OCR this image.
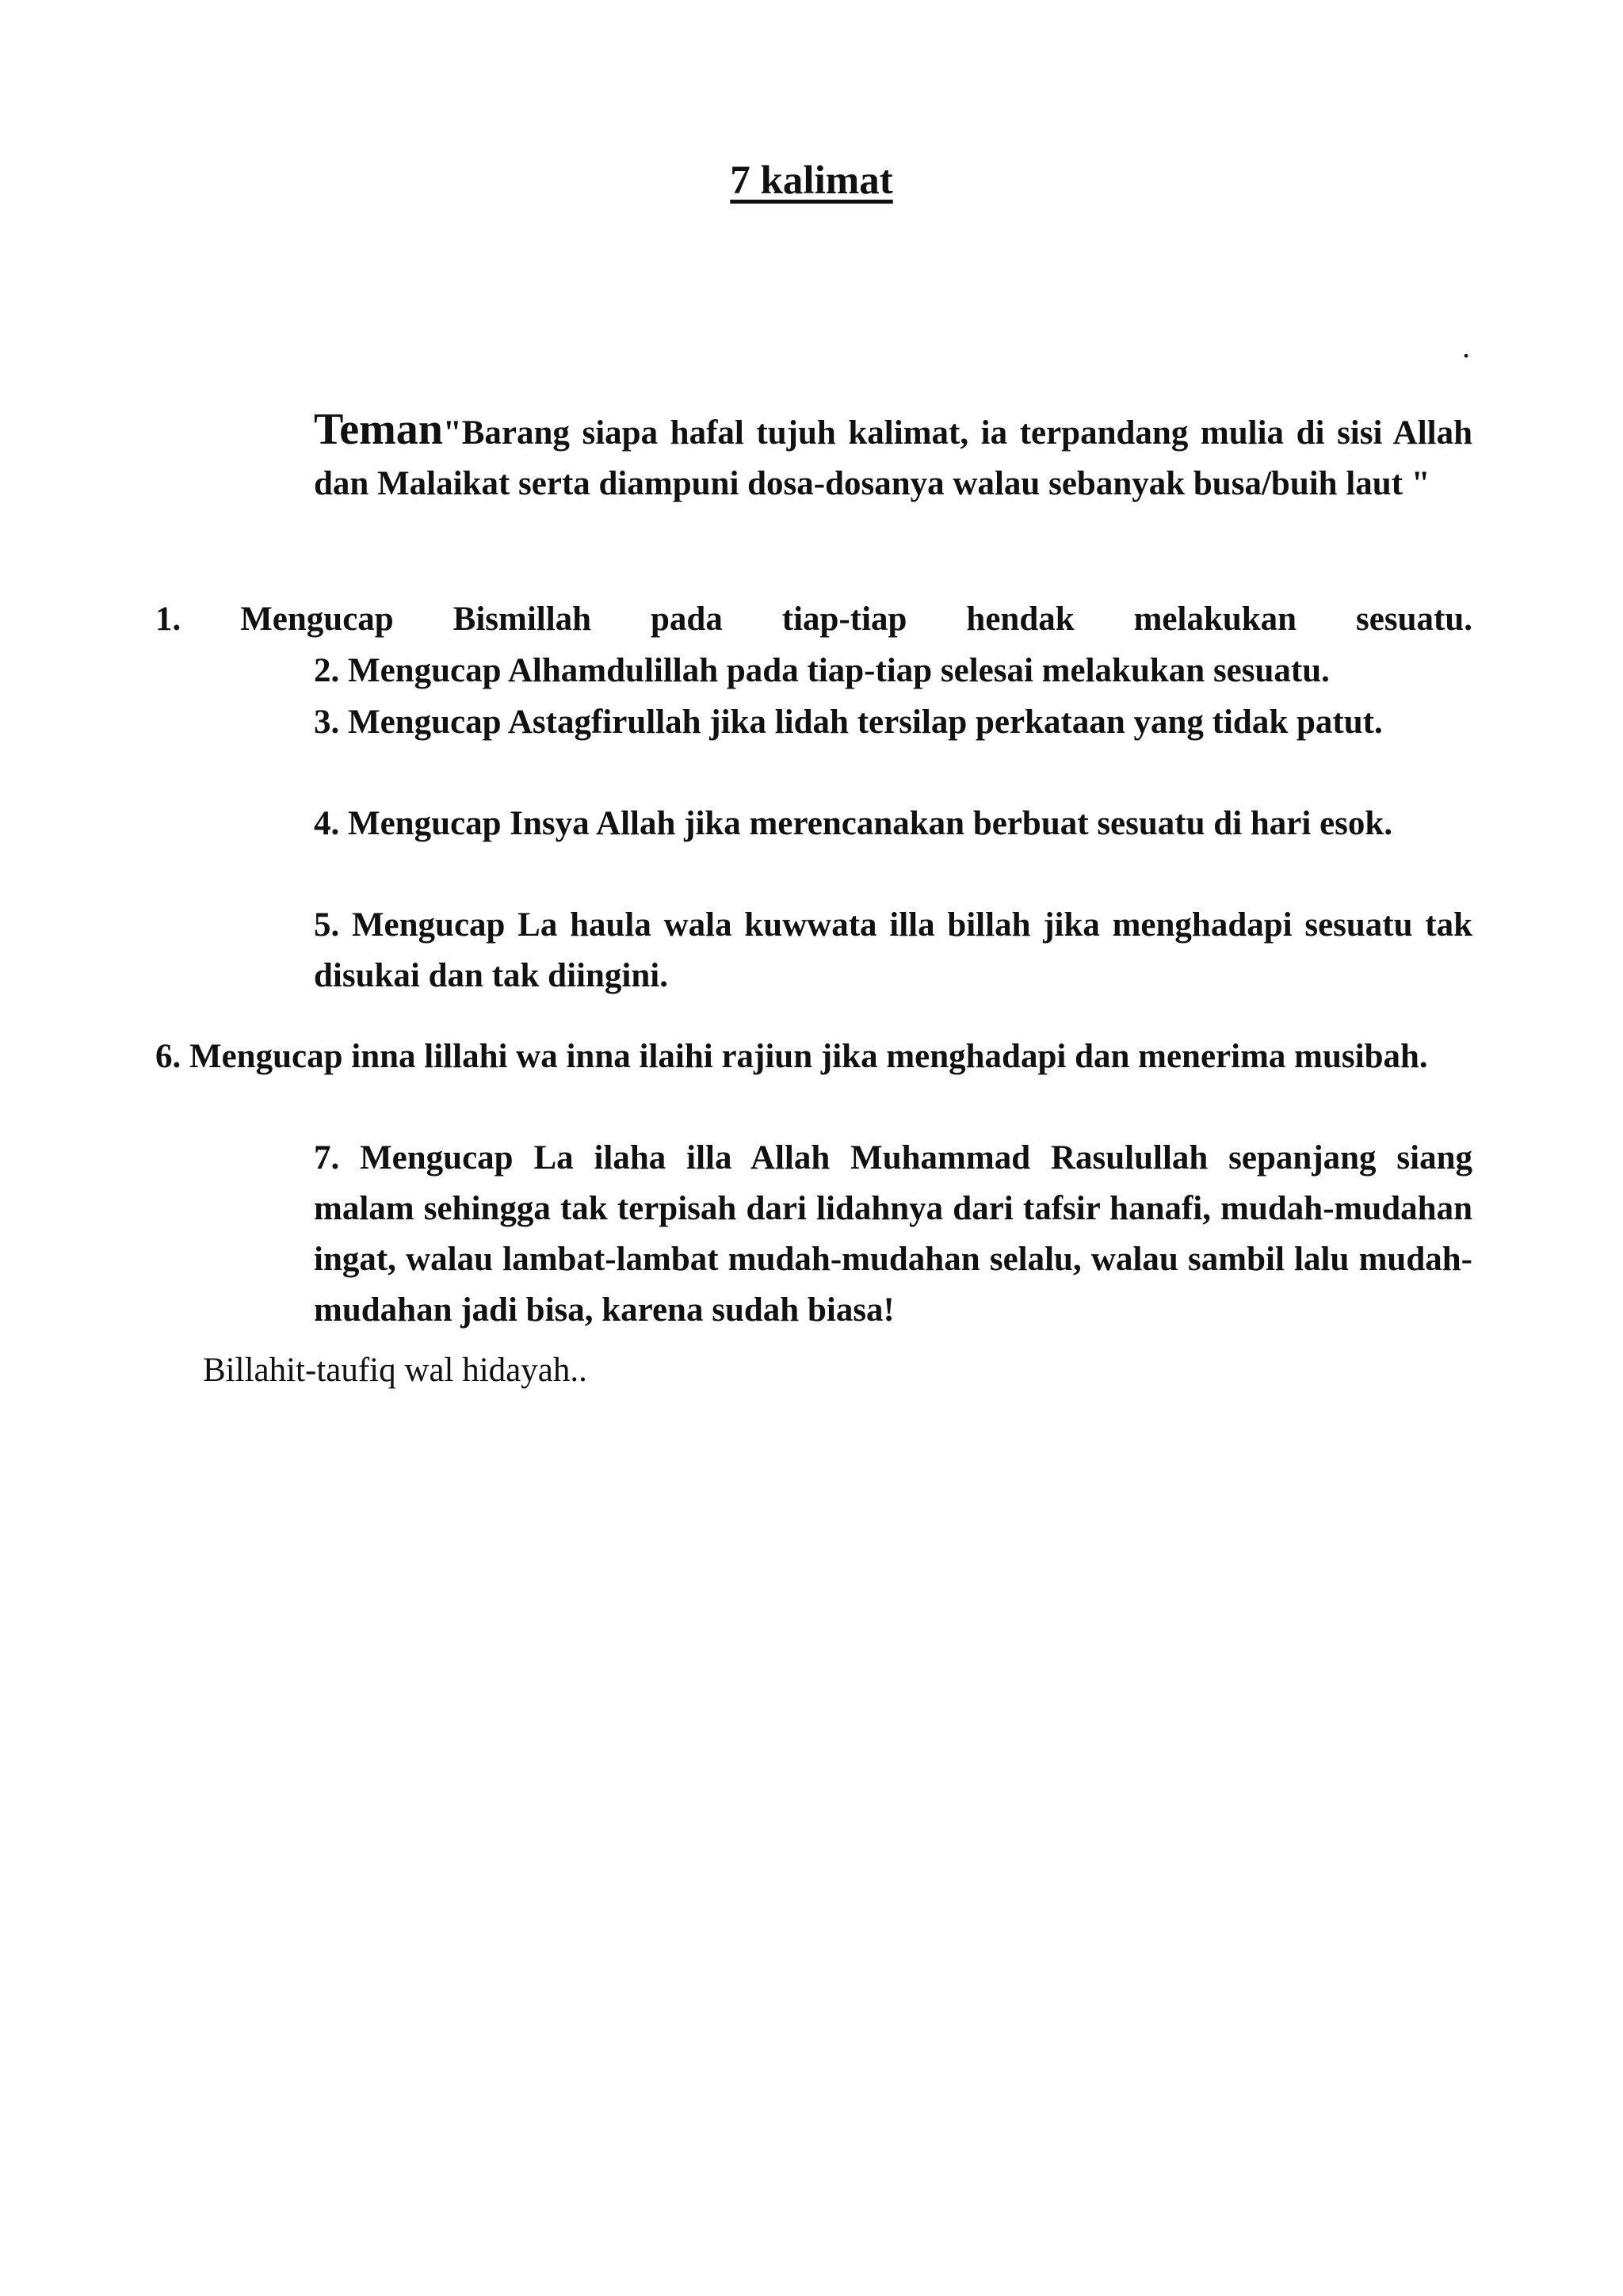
7 kalimat
.
Teman"Barang siapa hafal tujuh kalimat, ia terpandang mulia di sisi Allah dan Malaikat serta diampuni dosa-dosanya walau sebanyak busa/buih laut "
1. Mengucap Bismillah pada tiap-tiap hendak melakukan sesuatu.
2. Mengucap Alhamdulillah pada tiap-tiap selesai melakukan sesuatu.
3. Mengucap Astagfirullah jika lidah tersilap perkataan yang tidak patut.
4. Mengucap Insya Allah jika merencanakan berbuat sesuatu di hari esok.
5. Mengucap La haula wala kuwwata illa billah jika menghadapi sesuatu tak disukai dan tak diingini.
6. Mengucap inna lillahi wa inna ilaihi rajiun jika menghadapi dan menerima musibah.
7. Mengucap La ilaha illa Allah Muhammad Rasulullah sepanjang siang malam sehingga tak terpisah dari lidahnya dari tafsir hanafi, mudah-mudahan ingat, walau lambat-lambat mudah-mudahan selalu, walau sambil lalu mudah-mudahan jadi bisa, karena sudah biasa!
Billahit-taufiq wal hidayah..
